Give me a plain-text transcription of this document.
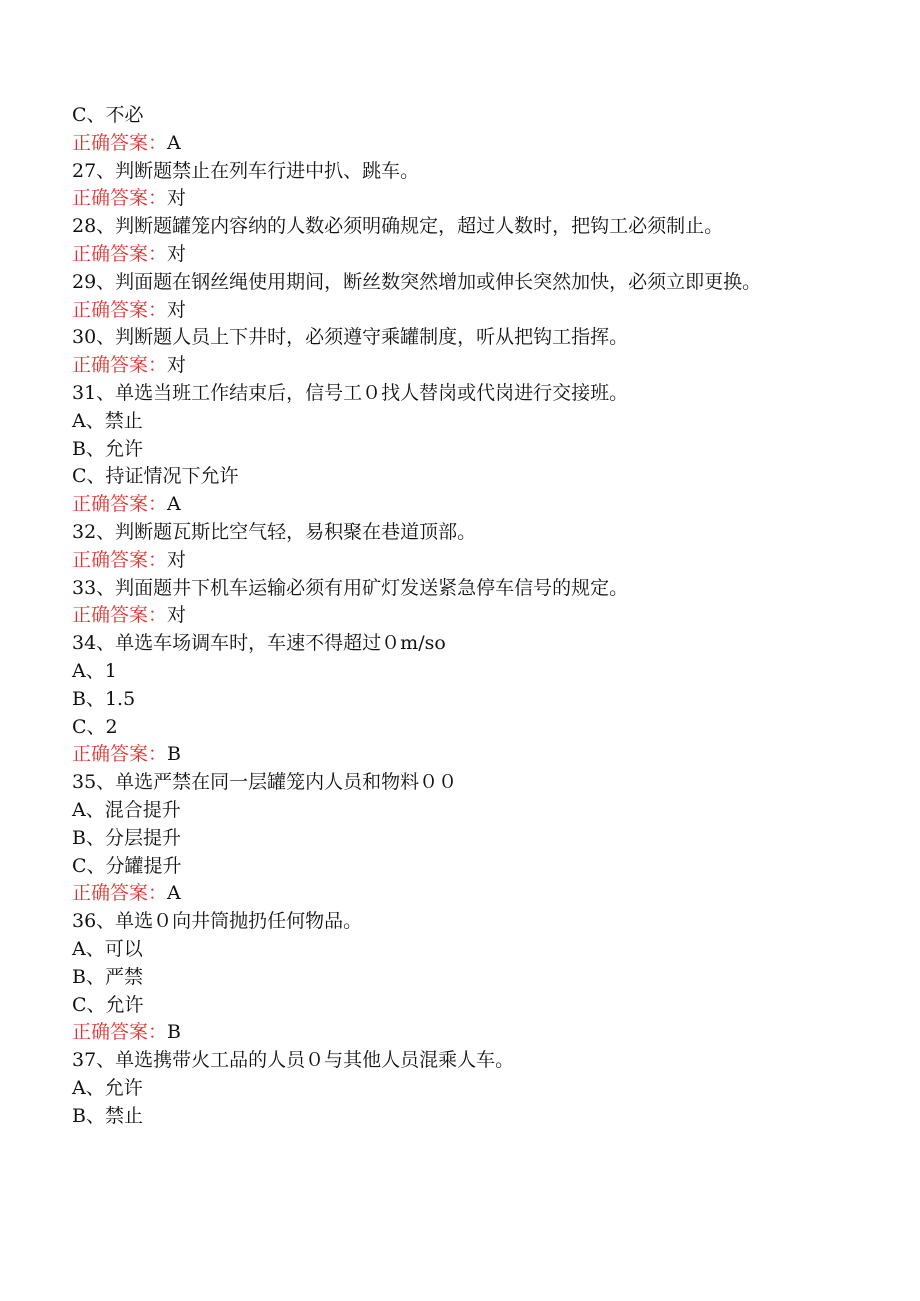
C、不必
正确答案：A
27、判断题禁止在列车行进中扒、跳车。
正确答案：对
28、判断题罐笼内容纳的人数必须明确规定，超过人数时，把钩工必须制止。
正确答案：对
29、判面题在钢丝绳使用期间，断丝数突然增加或伸长突然加快，必须立即更换。
正确答案：对
30、判断题人员上下井时，必须遵守乘罐制度，听从把钩工指挥。
正确答案：对
31、单选当班工作结束后，信号工０找人替岗或代岗进行交接班。
A、禁止
B、允许
C、持证情况下允许
正确答案：A
32、判断题瓦斯比空气轻，易积聚在巷道顶部。
正确答案：对
33、判面题井下机车运输必须有用矿灯发送紧急停车信号的规定。
正确答案：对
34、单选车场调车时，车速不得超过０m/so
A、1
B、1.5
C、2
正确答案：B
35、单选严禁在同一层罐笼内人员和物料００
A、混合提升
B、分层提升
C、分罐提升
正确答案：A
36、单选０向井筒抛扔任何物品。
A、可以
B、严禁
C、允许
正确答案：B
37、单选携带火工品的人员０与其他人员混乘人车。
A、允许
B、禁止
